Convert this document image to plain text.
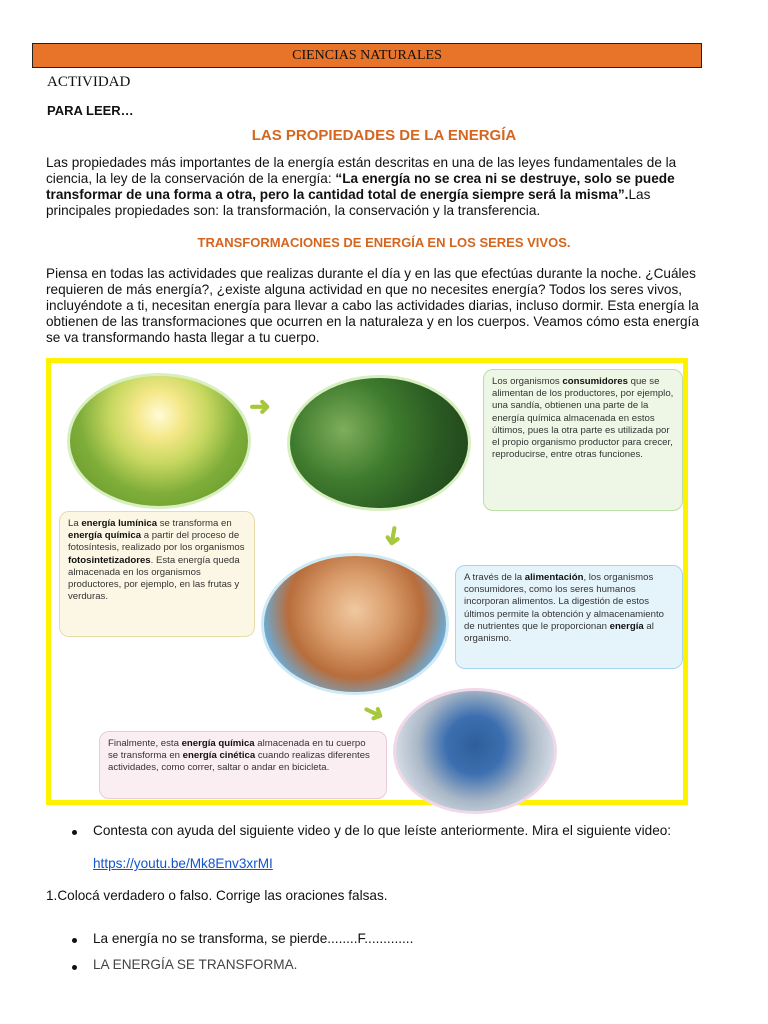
CIENCIAS NATURALES
ACTIVIDAD
PARA LEER…
LAS PROPIEDADES DE LA ENERGÍA
Las propiedades más importantes de la energía están descritas en una de las leyes fundamentales de la ciencia, la ley de la conservación de la energía: “La energía no se crea ni se destruye, solo se puede transformar de una forma a otra, pero la cantidad total de energía siempre será la misma”.Las principales propiedades son: la transformación, la conservación y la transferencia.
TRANSFORMACIONES DE ENERGÍA EN LOS SERES VIVOS.
Piensa en todas las actividades que realizas durante el día y en las que efectúas durante la noche. ¿Cuáles requieren de más energía?, ¿existe alguna actividad en que no necesites energía? Todos los seres vivos, incluyéndote a ti, necesitan energía para llevar a cabo las actividades diarias, incluso dormir. Esta energía la obtienen de las transformaciones que ocurren en la naturaleza y en los cuerpos. Veamos cómo esta energía se va transformando hasta llegar a tu cuerpo.
➜
➜
➜
Los organismos consumidores que se alimentan de los productores, por ejemplo, una sandía, obtienen una parte de la energía química almacenada en estos últimos, pues la otra parte es utilizada por el propio organismo productor para crecer, reproducirse, entre otras funciones.
La energía lumínica se transforma en energía química a partir del proceso de fotosíntesis, realizado por los organismos fotosintetizadores. Esta energía queda almacenada en los organismos productores, por ejemplo, en las frutas y verduras.
A través de la alimentación, los organismos consumidores, como los seres humanos incorporan alimentos. La digestión de estos últimos permite la obtención y almacenamiento de nutrientes que le proporcionan energía al organismo.
Finalmente, esta energía química almacenada en tu cuerpo se transforma en energía cinética cuando realizas diferentes actividades, como correr, saltar o andar en bicicleta.
Contesta con ayuda del siguiente video y de lo que leíste anteriormente. Mira el siguiente video:
https://youtu.be/Mk8Env3xrMI
1.Colocá verdadero o falso. Corrige las oraciones falsas.
La energía no se transforma, se pierde........F.............
LA ENERGÍA SE TRANSFORMA.
